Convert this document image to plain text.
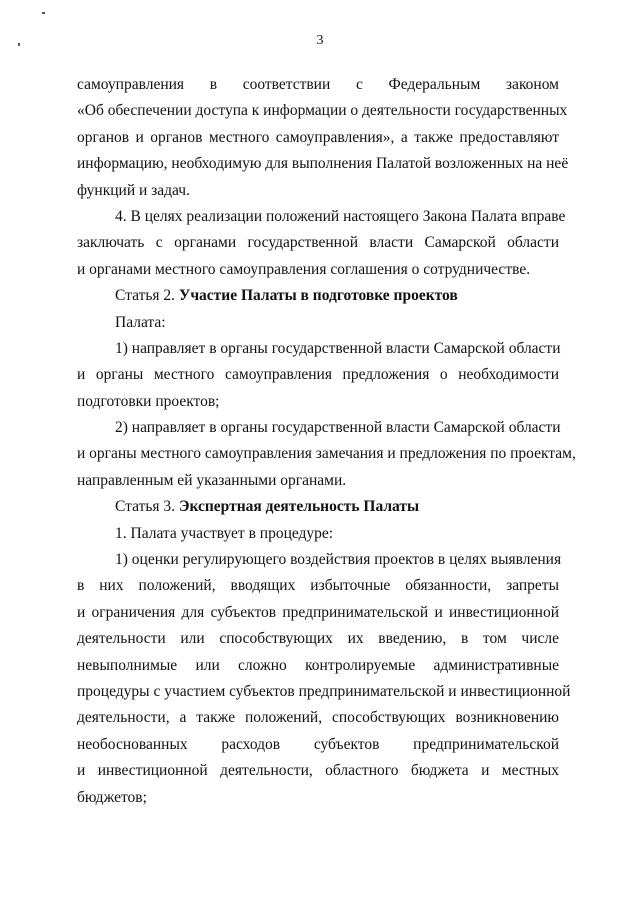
3
самоуправления в соответствии с Федеральным законом
«Об обеспечении доступа к информации о деятельности государственных
органов и органов местного самоуправления», а также предоставляют
информацию, необходимую для выполнения Палатой возложенных на неё
функций и задач.
4. В целях реализации положений настоящего Закона Палата вправе
заключать с органами государственной власти Самарской области
и органами местного самоуправления соглашения о сотрудничестве.
Статья 2. Участие Палаты в подготовке проектов
Палата:
1) направляет в органы государственной власти Самарской области
и органы местного самоуправления предложения о необходимости
подготовки проектов;
2) направляет в органы государственной власти Самарской области
и органы местного самоуправления замечания и предложения по проектам,
направленным ей указанными органами.
Статья 3. Экспертная деятельность Палаты
1. Палата участвует в процедуре:
1) оценки регулирующего воздействия проектов в целях выявления
в них положений, вводящих избыточные обязанности, запреты
и ограничения для субъектов предпринимательской и инвестиционной
деятельности или способствующих их введению, в том числе
невыполнимые или сложно контролируемые административные
процедуры с участием субъектов предпринимательской и инвестиционной
деятельности, а также положений, способствующих возникновению
необоснованных расходов субъектов предпринимательской
и инвестиционной деятельности, областного бюджета и местных
бюджетов;
